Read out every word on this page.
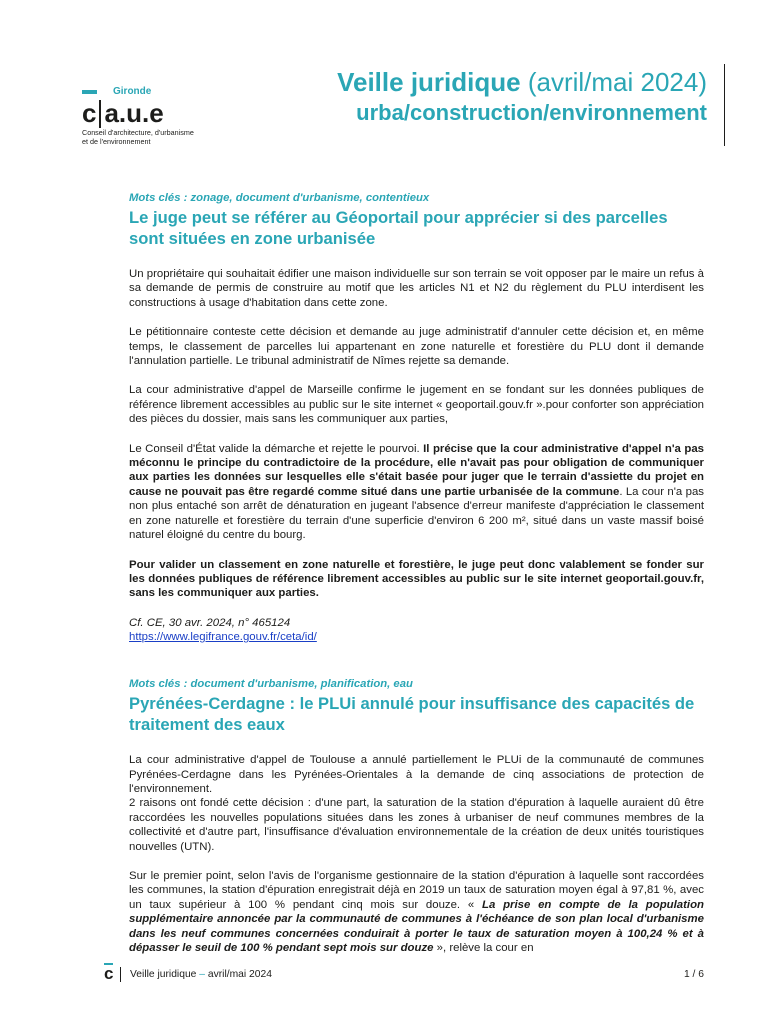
Gironde
c a.u.e
Conseil d'architecture, d'urbanisme
et de l'environnement
Veille juridique (avril/mai 2024)
urba/construction/environnement
Mots clés : zonage, document d'urbanisme, contentieux
Le juge peut se référer au Géoportail pour apprécier si des parcelles sont situées en zone urbanisée

Un propriétaire qui souhaitait édifier une maison individuelle sur son terrain se voit opposer par le maire un refus à sa demande de permis de construire au motif que les articles N1 et N2 du règlement du PLU interdisent les constructions à usage d'habitation dans cette zone.

Le pétitionnaire conteste cette décision et demande au juge administratif d'annuler cette décision et, en même temps, le classement de parcelles lui appartenant en zone naturelle et forestière du PLU dont il demande l'annulation partielle. Le tribunal administratif de Nîmes rejette sa demande.

La cour administrative d'appel de Marseille confirme le jugement en se fondant sur les données publiques de référence librement accessibles au public sur le site internet « geoportail.gouv.fr ».pour conforter son appréciation des pièces du dossier, mais sans les communiquer aux parties,

Le Conseil d'État valide la démarche et rejette le pourvoi. Il précise que la cour administrative d'appel n'a pas méconnu le principe du contradictoire de la procédure, elle n'avait pas pour obligation de communiquer aux parties les données sur lesquelles elle s'était basée pour juger que le terrain d'assiette du projet en cause ne pouvait pas être regardé comme situé dans une partie urbanisée de la commune. La cour n'a pas non plus entaché son arrêt de dénaturation en jugeant l'absence d'erreur manifeste d'appréciation le classement en zone naturelle et forestière du terrain d'une superficie d'environ 6 200 m², situé dans un vaste massif boisé naturel éloigné du centre du bourg.

Pour valider un classement en zone naturelle et forestière, le juge peut donc valablement se fonder sur les données publiques de référence librement accessibles au public sur le site internet geoportail.gouv.fr, sans les communiquer aux parties.

Cf. CE, 30 avr. 2024, n° 465124
https://www.legifrance.gouv.fr/ceta/id/
Mots clés : document d'urbanisme, planification, eau
Pyrénées-Cerdagne : le PLUi annulé pour insuffisance des capacités de traitement des eaux

La cour administrative d'appel de Toulouse a annulé partiellement le PLUi de la communauté de communes Pyrénées-Cerdagne dans les Pyrénées-Orientales à la demande de cinq associations de protection de l'environnement.

2 raisons ont fondé cette décision : d'une part, la saturation de la station d'épuration à laquelle auraient dû être raccordées les nouvelles populations situées dans les zones à urbaniser de neuf communes membres de la collectivité et d'autre part, l'insuffisance d'évaluation environnementale de la création de deux unités touristiques nouvelles (UTN).

Sur le premier point, selon l'avis de l'organisme gestionnaire de la station d'épuration à laquelle sont raccordées les communes, la station d'épuration enregistrait déjà en 2019 un taux de saturation moyen égal à 97,81 %, avec un taux supérieur à 100 % pendant cinq mois sur douze. « La prise en compte de la population supplémentaire annoncée par la communauté de communes à l'échéance de son plan local d'urbanisme dans les neuf communes concernées conduirait à porter le taux de saturation moyen à 100,24 % et à dépasser le seuil de 100 % pendant sept mois sur douze », relève la cour en

c Veille juridique – avril/mai 2024	1 / 6
